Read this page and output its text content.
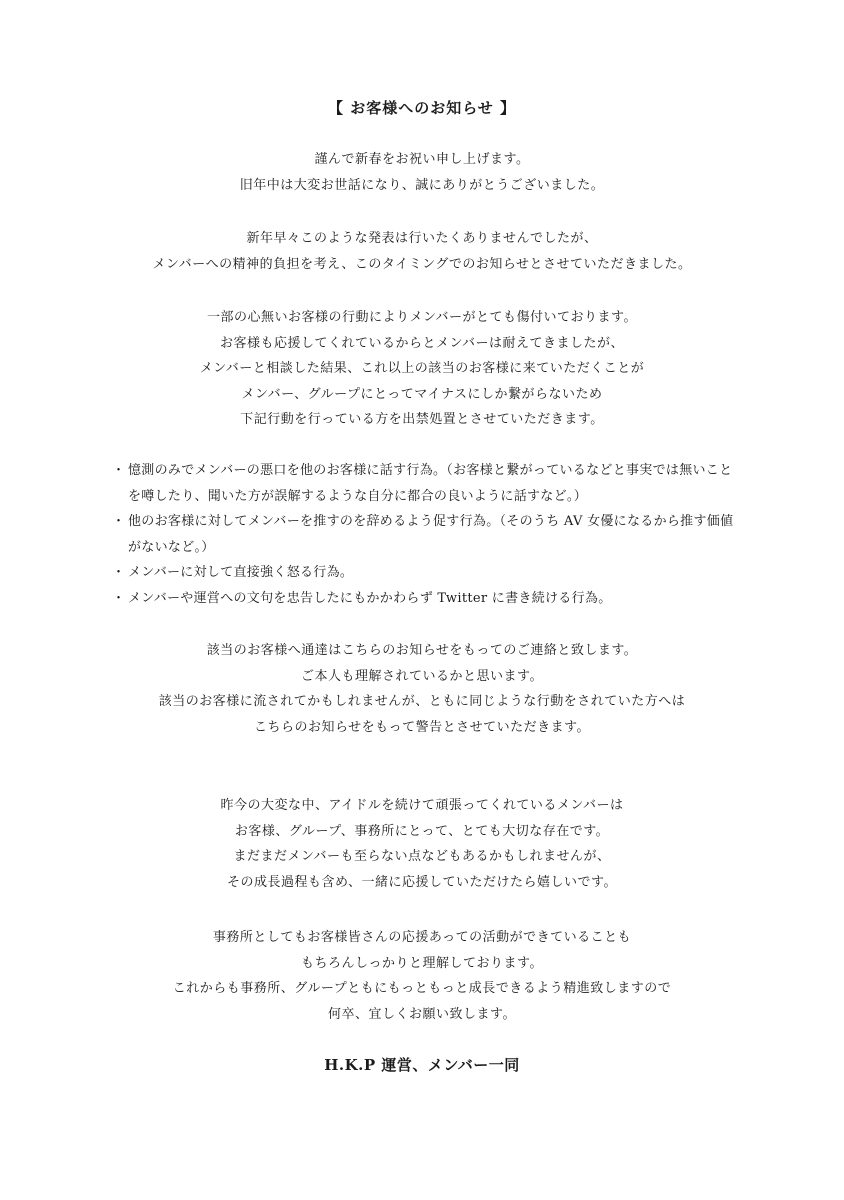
【 お客様へのお知らせ 】
謹んで新春をお祝い申し上げます。
旧年中は大変お世話になり、誠にありがとうございました。
新年早々このような発表は行いたくありませんでしたが、
メンバーへの精神的負担を考え、このタイミングでのお知らせとさせていただきました。
一部の心無いお客様の行動によりメンバーがとても傷付いております。
お客様も応援してくれているからとメンバーは耐えてきましたが、
メンバーと相談した結果、これ以上の該当のお客様に来ていただくことが
メンバー、グループにとってマイナスにしか繋がらないため
下記行動を行っている方を出禁処置とさせていただきます。
・ 憶測のみでメンバーの悪口を他のお客様に話す行為。（お客様と繋がっているなどと事実では無いこと
を噂したり、聞いた方が誤解するような自分に都合の良いように話すなど。）
・ 他のお客様に対してメンバーを推すのを辞めるよう促す行為。（そのうち AV 女優になるから推す価値
がないなど。）
・ メンバーに対して直接強く怒る行為。
・ メンバーや運営への文句を忠告したにもかかわらず Twitter に書き続ける行為。
該当のお客様へ通達はこちらのお知らせをもってのご連絡と致します。
ご本人も理解されているかと思います。
該当のお客様に流されてかもしれませんが、ともに同じような行動をされていた方へは
こちらのお知らせをもって警告とさせていただきます。
昨今の大変な中、アイドルを続けて頑張ってくれているメンバーは
お客様、グループ、事務所にとって、とても大切な存在です。
まだまだメンバーも至らない点などもあるかもしれませんが、
その成長過程も含め、一緒に応援していただけたら嬉しいです。
事務所としてもお客様皆さんの応援あっての活動ができていることも
もちろんしっかりと理解しております。
これからも事務所、グループともにもっともっと成長できるよう精進致しますので
何卒、宜しくお願い致します。
H.K.P 運営、メンバー一同
